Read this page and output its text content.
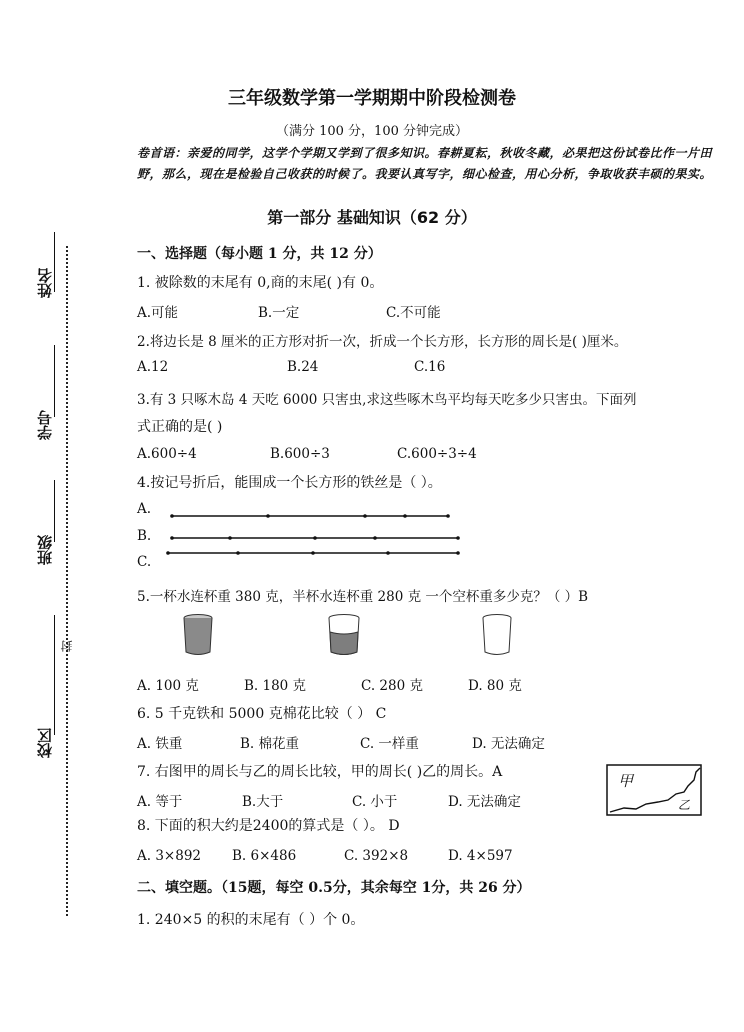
姓名
学号
班级
校区
封
三年级数学第一学期期中阶段检测卷
（满分 100 分，100 分钟完成）
卷首语：亲爱的同学，这学个学期又学到了很多知识。春耕夏耘，秋收冬藏，必果把这份试卷比作一片田野，那么，现在是检验自己收获的时候了。我要认真写字，细心检查，用心分析，争取收获丰硕的果实。
第一部分 基础知识（62 分）
一、选择题（每小题 1 分，共 12 分）
1. 被除数的末尾有 0,商的末尾( )有 0。
A.可能	B.一定	C.不可能
2.将边长是 8 厘米的正方形对折一次，折成一个长方形，长方形的周长是( )厘米。
A.12	B.24	C.16
3.有 3 只啄木岛 4 天吃 6000 只害虫,求这些啄木鸟平均每天吃多少只害虫。下面列
式正确的是( )
A.600÷4	B.600÷3	C.600÷3÷4
4.按记号折后，能围成一个长方形的铁丝是（ ）。
A.
B.
C.
5.一杯水连杯重 380 克，半杯水连杯重 280 克 一个空杯重多少克？（ ）B
A. 100 克	B. 180 克	C. 280 克	D. 80 克
6. 5 千克铁和 5000 克棉花比较（ ） C
A. 铁重	B. 棉花重	C. 一样重	D. 无法确定
7. 右图甲的周长与乙的周长比较，甲的周长( )乙的周长。A
A. 等于	B.大于	C. 小于	D. 无法确定
甲
乙
8. 下面的积大约是2400的算式是（ ）。 D
A. 3×892 B. 6×486	C. 392×8	D. 4×597
二、填空题。（15题，每空 0.5分，其余每空 1分，共 26 分）
1. 240×5 的积的末尾有（ ）个 0。
